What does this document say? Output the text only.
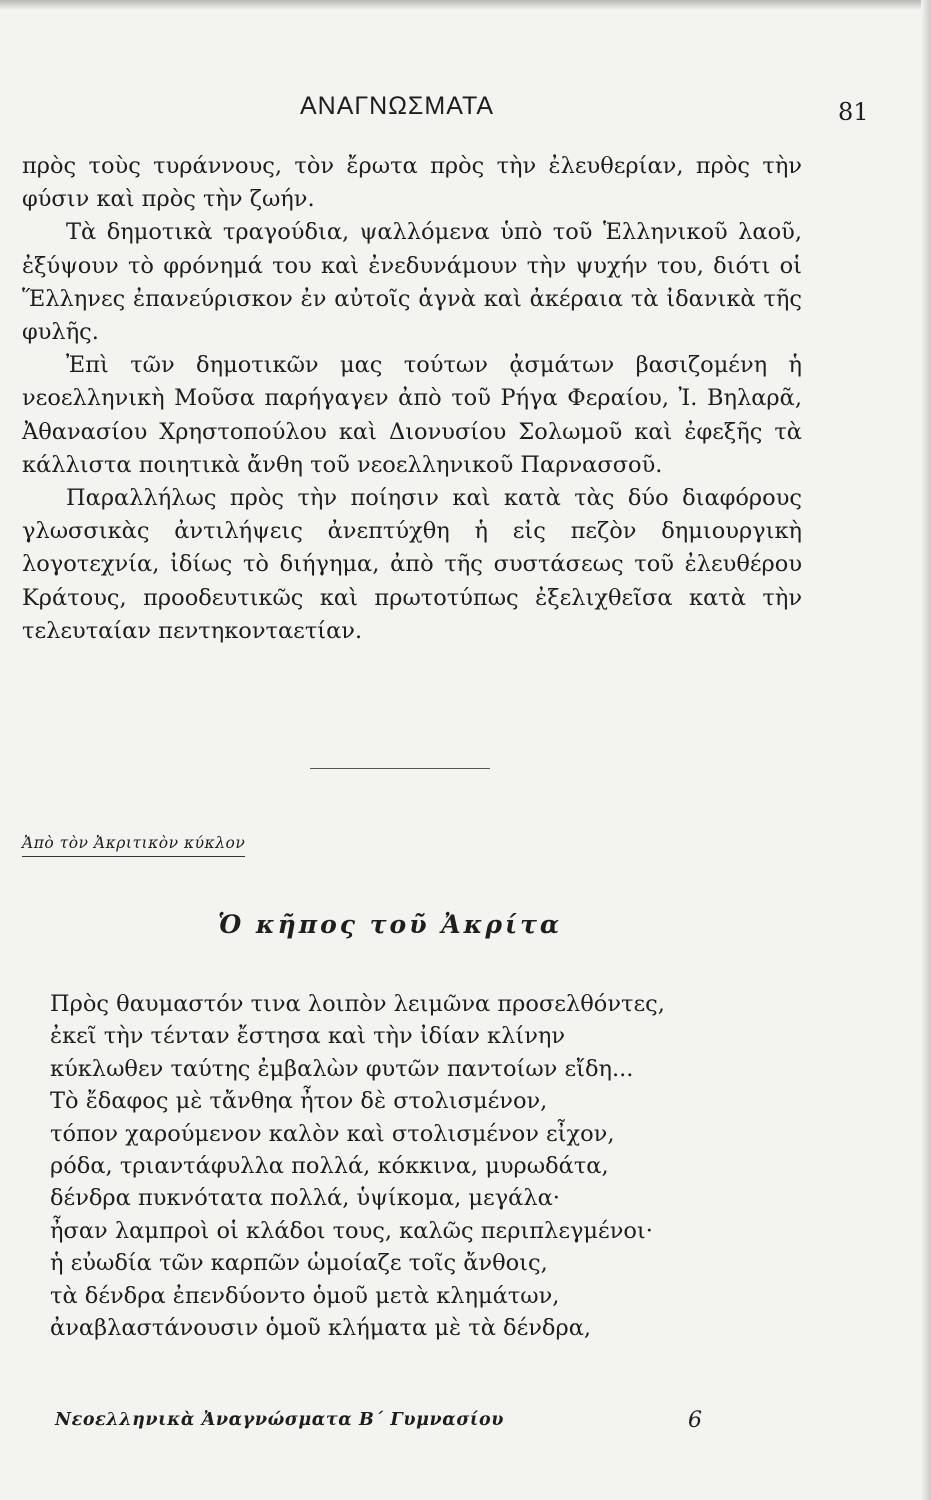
ΑΝΑΓΝΩΣΜΑΤΑ	81

πρὸς τοὺς τυράννους, τὸν ἔρωτα πρὸς τὴν ἐλευθερίαν, πρὸς τὴν φύσιν καὶ πρὸς τὴν ζωήν.

Τὰ δημοτικὰ τραγούδια, ψαλλόμενα ὑπὸ τοῦ Ἑλληνικοῦ λαοῦ, ἐξύψουν τὸ φρόνημά του καὶ ἐνεδυνάμουν τὴν ψυχήν του, διότι οἱ Ἕλληνες ἐπανεύρισκον ἐν αὐτοῖς ἁγνὰ καὶ ἀκέραια τὰ ἰδανικὰ τῆς φυλῆς.

Ἐπὶ τῶν δημοτικῶν μας τούτων ᾀσμάτων βασιζομένη ἡ νεοελληνικὴ Μοῦσα παρήγαγεν ἀπὸ τοῦ Ρήγα Φεραίου, Ἰ. Βηλαρᾶ, Ἀθανασίου Χρηστοπούλου καὶ Διονυσίου Σολωμοῦ καὶ ἐφεξῆς τὰ κάλλιστα ποιητικὰ ἄνθη τοῦ νεοελληνικοῦ Παρνασσοῦ.

Παραλλήλως πρὸς τὴν ποίησιν καὶ κατὰ τὰς δύο διαφόρους γλωσσικὰς ἀντιλήψεις ἀνεπτύχθη ἡ εἰς πεζὸν δημιουργικὴ λογοτεχνία, ἰδίως τὸ διήγημα, ἀπὸ τῆς συστάσεως τοῦ ἐλευθέρου Κράτους, προοδευτικῶς καὶ πρωτοτύπως ἐξελιχθεῖσα κατὰ τὴν τελευταίαν πεντηκονταετίαν.

Ἀπὸ τὸν Ἀκριτικὸν κύκλον
Ὁ κῆπος τοῦ Ἀκρίτα
Πρὸς θαυμαστόν τινα λοιπὸν λειμῶνα προσελθόντες,
ἐκεῖ τὴν τένταν ἔστησα καὶ τὴν ἰδίαν κλίνην
κύκλωθεν ταύτης ἐμβαλὼν φυτῶν παντοίων εἴδη...
Τὸ ἔδαφος μὲ τἄνθηα ἦτον δὲ στολισμένον,
τόπον χαρούμενον καλὸν καὶ στολισμένον εἶχον,
ρόδα, τριαντάφυλλα πολλά, κόκκινα, μυρωδάτα,
δένδρα πυκνότατα πολλά, ὑψίκομα, μεγάλα·
ἦσαν λαμπροὶ οἱ κλάδοι τους, καλῶς περιπλεγμένοι·
ἡ εὐωδία τῶν καρπῶν ὡμοίαζε τοῖς ἄνθοις,
τὰ δένδρα ἐπενδύοντο ὁμοῦ μετὰ κλημάτων,
ἀναβλαστάνουσιν ὁμοῦ κλήματα μὲ τὰ δένδρα,
Νεοελληνικὰ Ἀναγνώσματα Β΄ Γυμνασίου	6
